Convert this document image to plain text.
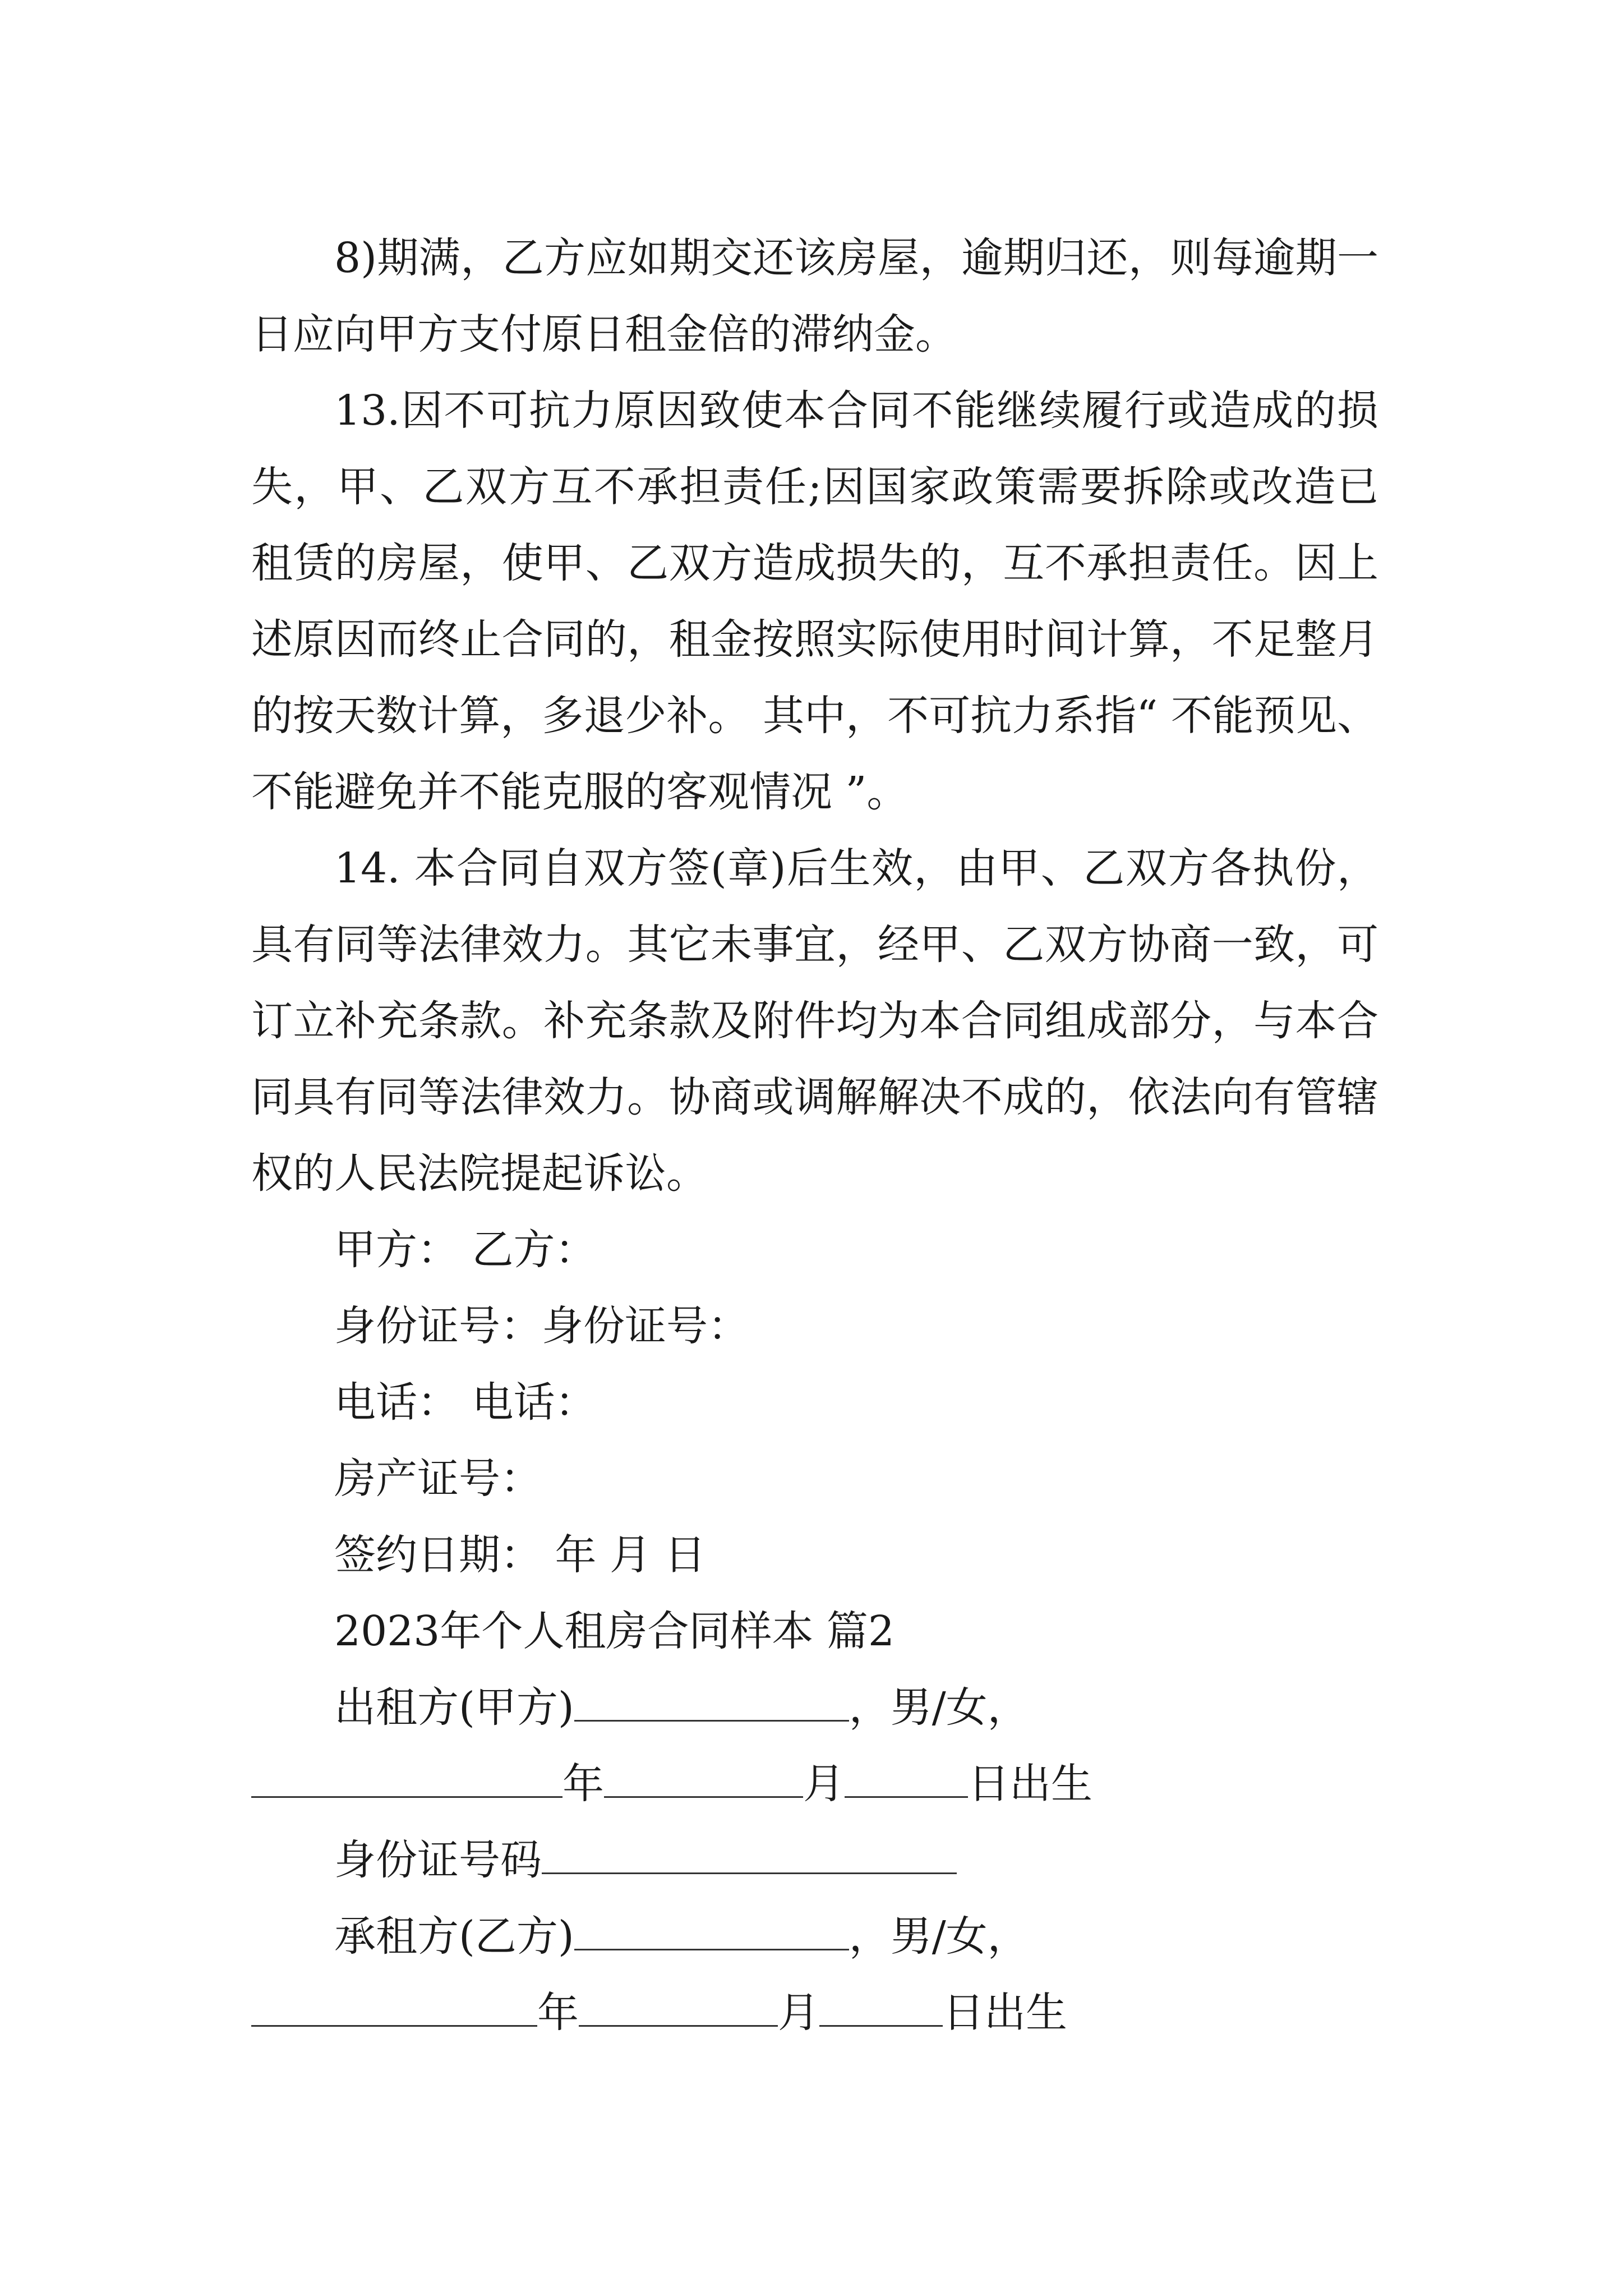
8)期满，乙方应如期交还该房屋，逾期归还，则每逾期一日应向甲方支付原日租金倍的滞纳金。

13.因不可抗力原因致使本合同不能继续履行或造成的损失，甲、乙双方互不承担责任;因国家政策需要拆除或改造已租赁的房屋，使甲、乙双方造成损失的，互不承担责任。因上述原因而终止合同的，租金按照实际使用时间计算，不足整月的按天数计算，多退少补。 其中，不可抗力系指“ 不能预见、不能避免并不能克服的客观情况 ”。

14. 本合同自双方签(章)后生效，由甲、乙双方各执份，具有同等法律效力。其它未事宜，经甲、乙双方协商一致，可订立补充条款。补充条款及附件均为本合同组成部分，与本合同具有同等法律效力。协商或调解解决不成的，依法向有管辖权的人民法院提起诉讼。

甲方： 乙方：

身份证号：身份证号：

电话： 电话：

房产证号：

签约日期： 年 月 日

2023年个人租房合同样本 篇2

出租方(甲方)	，男/女，

年	月	日出生

身份证号码

承租方(乙方)	，男/女，

年	月	日出生
